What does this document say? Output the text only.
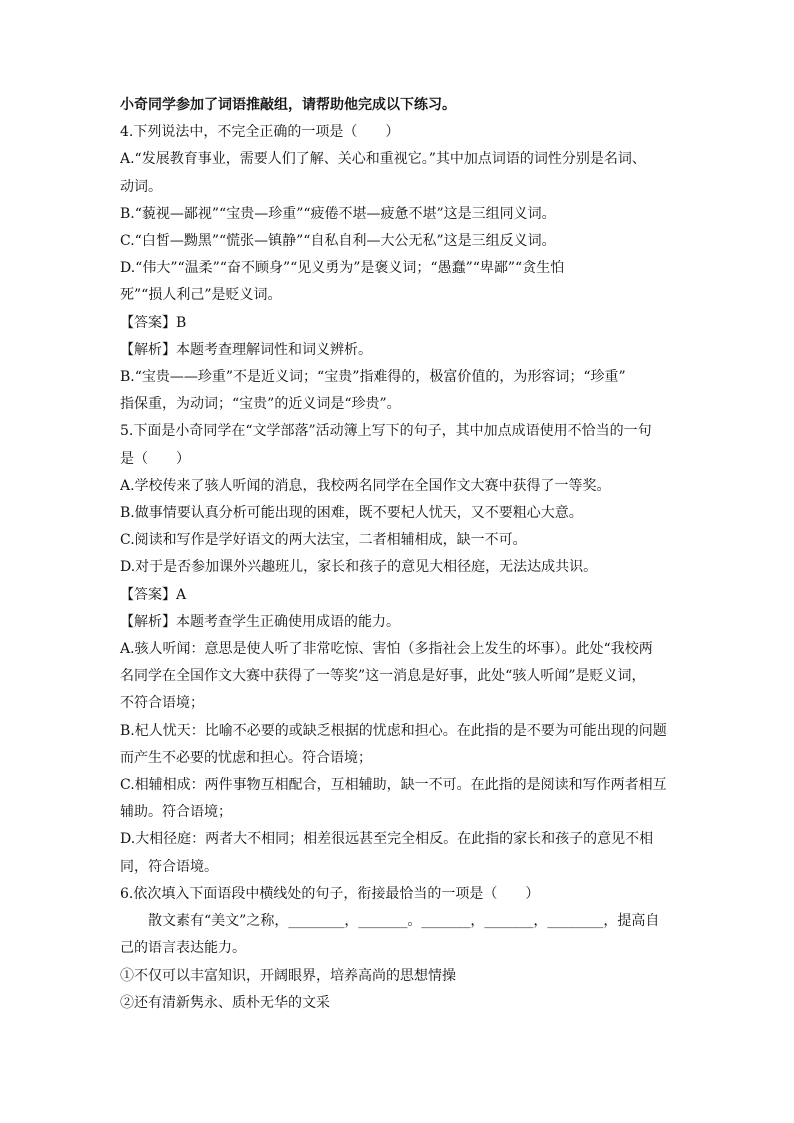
小奇同学参加了词语推敲组，请帮助他完成以下练习。

4.下列说法中，不完全正确的一项是（　　）

A.“发展教育事业，需要人们了解、关心和重视它。”其中加点词语的词性分别是名词、

动词。

B.“藐视—鄙视”“宝贵—珍重”“疲倦不堪—疲惫不堪”这是三组同义词。

C.“白皙—黝黑”“慌张—镇静”“自私自利—大公无私”这是三组反义词。

D.“伟大”“温柔”“奋不顾身”“见义勇为”是褒义词；“愚蠢”“卑鄙”“贪生怕

死”“损人利己”是贬义词。

【答案】B

【解析】本题考查理解词性和词义辨析。

B.“宝贵——珍重”不是近义词；“宝贵”指难得的，极富价值的，为形容词；“珍重”

指保重，为动词；“宝贵”的近义词是“珍贵”。

5.下面是小奇同学在“文学部落”活动簿上写下的句子，其中加点成语使用不恰当的一句

是（　　）

A.学校传来了骇人听闻的消息，我校两名同学在全国作文大赛中获得了一等奖。

B.做事情要认真分析可能出现的困难，既不要杞人忧天，又不要粗心大意。

C.阅读和写作是学好语文的两大法宝，二者相辅相成，缺一不可。

D.对于是否参加课外兴趣班儿，家长和孩子的意见大相径庭，无法达成共识。

【答案】A

【解析】本题考查学生正确使用成语的能力。

A.骇人听闻：意思是使人听了非常吃惊、害怕（多指社会上发生的坏事）。此处“我校两

名同学在全国作文大赛中获得了一等奖”这一消息是好事，此处“骇人听闻”是贬义词，

不符合语境；

B.杞人忧天：比喻不必要的或缺乏根据的忧虑和担心。在此指的是不要为可能出现的问题

而产生不必要的忧虑和担心。符合语境；

C.相辅相成：两件事物互相配合，互相辅助，缺一不可。在此指的是阅读和写作两者相互

辅助。符合语境；

D.大相径庭：两者大不相同；相差很远甚至完全相反。在此指的家长和孩子的意见不相

同，符合语境。

6.依次填入下面语段中横线处的句子，衔接最恰当的一项是（　　）

散文素有“美文”之称，________，_______。_______，_______，________，提高自

己的语言表达能力。

①不仅可以丰富知识，开阔眼界，培养高尚的思想情操

②还有清新隽永、质朴无华的文采
